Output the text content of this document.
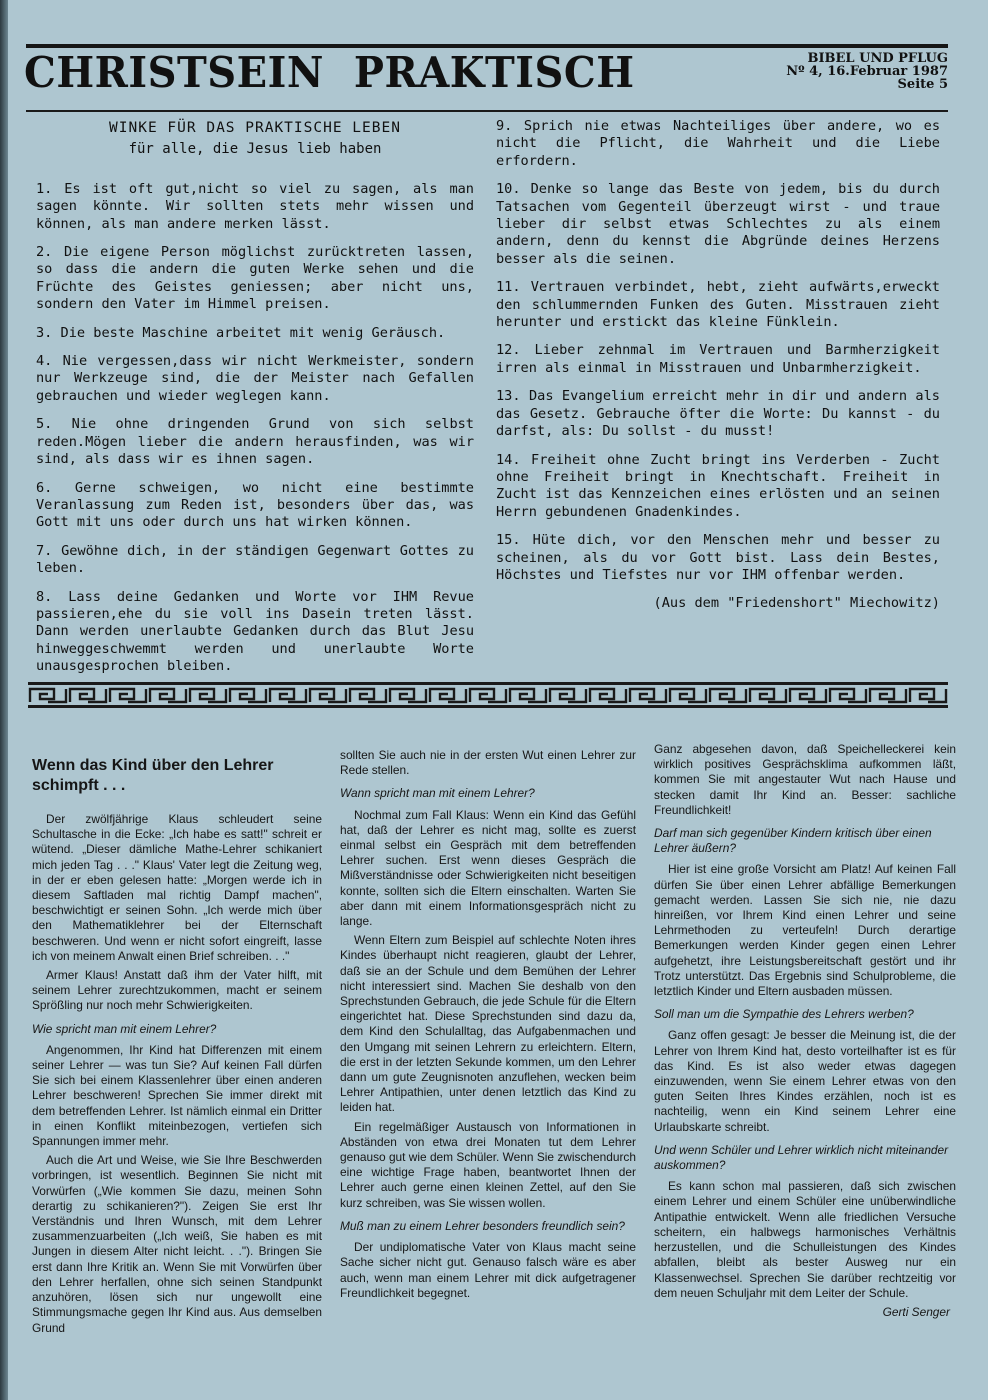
CHRISTSEIN PRAKTISCH	BIBEL UND PFLUG
Nº 4, 16.Februar 1987
Seite 5
WINKE FÜR DAS PRAKTISCHE LEBEN
für alle, die Jesus lieb haben

1. Es ist oft gut,nicht so viel zu sagen, als man sagen könnte. Wir sollten stets mehr wissen und können, als man andere merken lässt.

2. Die eigene Person möglichst zurücktreten lassen, so dass die andern die guten Werke sehen und die Früchte des Geistes geniessen; aber nicht uns, sondern den Vater im Himmel preisen.

3. Die beste Maschine arbeitet mit wenig Geräusch.

4. Nie vergessen,dass wir nicht Werkmeister, sondern nur Werkzeuge sind, die der Meister nach Gefallen gebrauchen und wieder weglegen kann.

5. Nie ohne dringenden Grund von sich selbst reden.Mögen lieber die andern herausfinden, was wir sind, als dass wir es ihnen sagen.

6. Gerne schweigen, wo nicht eine bestimmte Veranlassung zum Reden ist, besonders über das, was Gott mit uns oder durch uns hat wirken können.

7. Gewöhne dich, in der ständigen Gegenwart Gottes zu leben.

8. Lass deine Gedanken und Worte vor IHM Revue passieren,ehe du sie voll ins Dasein treten lässt. Dann werden unerlaubte Gedanken durch das Blut Jesu hinweggeschwemmt werden und unerlaubte Worte unausgesprochen bleiben.

9. Sprich nie etwas Nachteiliges über andere, wo es nicht die Pflicht, die Wahrheit und die Liebe erfordern.

10. Denke so lange das Beste von jedem, bis du durch Tatsachen vom Gegenteil überzeugt wirst - und traue lieber dir selbst etwas Schlechtes zu als einem andern, denn du kennst die Abgründe deines Herzens besser als die seinen.

11. Vertrauen verbindet, hebt, zieht aufwärts,erweckt den schlummernden Funken des Guten. Misstrauen zieht herunter und erstickt das kleine Fünklein.

12. Lieber zehnmal im Vertrauen und Barmherzigkeit irren als einmal in Misstrauen und Unbarmherzigkeit.

13. Das Evangelium erreicht mehr in dir und andern als das Gesetz. Gebrauche öfter die Worte: Du kannst - du darfst, als: Du sollst - du musst!

14. Freiheit ohne Zucht bringt ins Verderben - Zucht ohne Freiheit bringt in Knechtschaft. Freiheit in Zucht ist das Kennzeichen eines erlösten und an seinen Herrn gebundenen Gnadenkindes.

15. Hüte dich, vor den Menschen mehr und besser zu scheinen, als du vor Gott bist. Lass dein Bestes, Höchstes und Tiefstes nur vor IHM offenbar werden.

(Aus dem "Friedenshort" Miechowitz)
Wenn das Kind über den Lehrer schimpft . . .

Der zwölfjährige Klaus schleudert seine Schultasche in die Ecke: „Ich habe es satt!" schreit er wütend. „Dieser dämliche Mathe-Lehrer schikaniert mich jeden Tag . . ." Klaus' Vater legt die Zeitung weg, in der er eben gelesen hatte: „Morgen werde ich in diesem Saftladen mal richtig Dampf machen", beschwichtigt er seinen Sohn. „Ich werde mich über den Mathematiklehrer bei der Elternschaft beschweren. Und wenn er nicht sofort eingreift, lasse ich von meinem Anwalt einen Brief schreiben. . ."

Armer Klaus! Anstatt daß ihm der Vater hilft, mit seinem Lehrer zurechtzukommen, macht er seinem Sprößling nur noch mehr Schwierigkeiten.

Wie spricht man mit einem Lehrer?

Angenommen, Ihr Kind hat Differenzen mit einem seiner Lehrer — was tun Sie? Auf keinen Fall dürfen Sie sich bei einem Klassenlehrer über einen anderen Lehrer beschweren! Sprechen Sie immer direkt mit dem betreffenden Lehrer. Ist nämlich einmal ein Dritter in einen Konflikt miteinbezogen, vertiefen sich Spannungen immer mehr.

Auch die Art und Weise, wie Sie Ihre Beschwerden vorbringen, ist wesentlich. Beginnen Sie nicht mit Vorwürfen („Wie kommen Sie dazu, meinen Sohn derartig zu schikanieren?"). Zeigen Sie erst Ihr Verständnis und Ihren Wunsch, mit dem Lehrer zusammenzuarbeiten („Ich weiß, Sie haben es mit Jungen in diesem Alter nicht leicht. . ."). Bringen Sie erst dann Ihre Kritik an. Wenn Sie mit Vorwürfen über den Lehrer herfallen, ohne sich seinen Standpunkt anzuhören, lösen sich nur ungewollt eine Stimmungsmache gegen Ihr Kind aus. Aus demselben Grund

sollten Sie auch nie in der ersten Wut einen Lehrer zur Rede stellen.

Wann spricht man mit einem Lehrer?

Nochmal zum Fall Klaus: Wenn ein Kind das Gefühl hat, daß der Lehrer es nicht mag, sollte es zuerst einmal selbst ein Gespräch mit dem betreffenden Lehrer suchen. Erst wenn dieses Gespräch die Mißverständnisse oder Schwierigkeiten nicht beseitigen konnte, sollten sich die Eltern einschalten. Warten Sie aber dann mit einem Informationsgespräch nicht zu lange.

Wenn Eltern zum Beispiel auf schlechte Noten ihres Kindes überhaupt nicht reagieren, glaubt der Lehrer, daß sie an der Schule und dem Bemühen der Lehrer nicht interessiert sind. Machen Sie deshalb von den Sprechstunden Gebrauch, die jede Schule für die Eltern eingerichtet hat. Diese Sprechstunden sind dazu da, dem Kind den Schulalltag, das Aufgabenmachen und den Umgang mit seinen Lehrern zu erleichtern. Eltern, die erst in der letzten Sekunde kommen, um den Lehrer dann um gute Zeugnisnoten anzuflehen, wecken beim Lehrer Antipathien, unter denen letztlich das Kind zu leiden hat.

Ein regelmäßiger Austausch von Informationen in Abständen von etwa drei Monaten tut dem Lehrer genauso gut wie dem Schüler. Wenn Sie zwischendurch eine wichtige Frage haben, beantwortet Ihnen der Lehrer auch gerne einen kleinen Zettel, auf den Sie kurz schreiben, was Sie wissen wollen.

Muß man zu einem Lehrer besonders freundlich sein?

Der undiplomatische Vater von Klaus macht seine Sache sicher nicht gut. Genauso falsch wäre es aber auch, wenn man einem Lehrer mit dick aufgetragener Freundlichkeit begegnet.

Ganz abgesehen davon, daß Speichelleckerei kein wirklich positives Gesprächsklima aufkommen läßt, kommen Sie mit angestauter Wut nach Hause und stecken damit Ihr Kind an. Besser: sachliche Freundlichkeit!

Darf man sich gegenüber Kindern kritisch über einen Lehrer äußern?

Hier ist eine große Vorsicht am Platz! Auf keinen Fall dürfen Sie über einen Lehrer abfällige Bemerkungen gemacht werden. Lassen Sie sich nie, nie dazu hinreißen, vor Ihrem Kind einen Lehrer und seine Lehrmethoden zu verteufeln! Durch derartige Bemerkungen werden Kinder gegen einen Lehrer aufgehetzt, ihre Leistungsbereitschaft gestört und ihr Trotz unterstützt. Das Ergebnis sind Schulprobleme, die letztlich Kinder und Eltern ausbaden müssen.

Soll man um die Sympathie des Lehrers werben?

Ganz offen gesagt: Je besser die Meinung ist, die der Lehrer von Ihrem Kind hat, desto vorteilhafter ist es für das Kind. Es ist also weder etwas dagegen einzuwenden, wenn Sie einem Lehrer etwas von den guten Seiten Ihres Kindes erzählen, noch ist es nachteilig, wenn ein Kind seinem Lehrer eine Urlaubskarte schreibt.

Und wenn Schüler und Lehrer wirklich nicht miteinander auskommen?

Es kann schon mal passieren, daß sich zwischen einem Lehrer und einem Schüler eine unüberwindliche Antipathie entwickelt. Wenn alle friedlichen Versuche scheitern, ein halbwegs harmonisches Verhältnis herzustellen, und die Schulleistungen des Kindes abfallen, bleibt als bester Ausweg nur ein Klassenwechsel. Sprechen Sie darüber rechtzeitig vor dem neuen Schuljahr mit dem Leiter der Schule.

Gerti Senger
